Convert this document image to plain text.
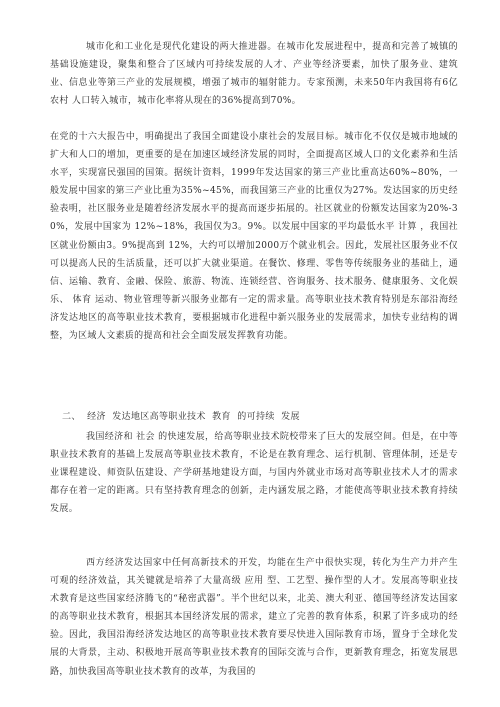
城市化和工业化是现代化建设的两大推进器。在城市化发展进程中，提高和完善了城镇的基础设施建设，聚集和整合了区域内可持续发展的人才、产业等经济要素，加快了服务业、建筑业、信息业等第三产业的发展规模，增强了城市的辐射能力。专家预测，未来50年内我国将有6亿 农村 人口转入城市，城市化率将从现在的36%提高到70%。

在党的十六大报告中，明确提出了我国全面建设小康社会的发展目标。城市化不仅仅是城市地域的扩大和人口的增加，更重要的是在加速区域经济发展的同时，全面提高区域人口的文化素养和生活水平，实现富民强国的国策。据统计资料，1999年发达国家的第三产业比重高达60%~80%，一般发展中国家的第三产业比重为35%~45%，而我国第三产业的比重仅为27%。发达国家的历史经验表明，社区服务业是随着经济发展水平的提高而逐步拓展的。社区就业的份额发达国家为20%-30%，发展中国家为 12%~18%，我国仅为3。9%。以发展中国家的平均最低水平 计算 ，我国社区就业份额由3。9%提高到 12%，大约可以增加2000万个就业机会。因此，发展社区服务业不仅可以提高人民的生活质量，还可以扩大就业渠道。在餐饮、修理、零售等传统服务业的基础上，通信、运输、教育、金融、保险、旅游、物流、连锁经营、咨询服务、技术服务、健康服务、文化娱乐、 体育 运动、物业管理等新兴服务业都有一定的需求量。高等职业技术教育特别是东部沿海经济发达地区的高等职业技术教育，要根据城市化进程中新兴服务业的发展需求，加快专业结构的调整，为区域人文素质的提高和社会全面发展发挥教育功能。

二、  经济  发达地区高等职业技术  教育  的可持续  发展

我国经济和 社会 的快速发展，给高等职业技术院校带来了巨大的发展空间。但是，在中等职业技术教育的基础上发展高等职业技术教育，不论是在教育理念、运行机制、管理体制，还是专业课程建设、师资队伍建设、产学研基地建设方面，与国内外就业市场对高等职业技术人才的需求都存在着一定的距离。只有坚持教育理念的创新，走内涵发展之路，才能使高等职业技术教育持续发展。

西方经济发达国家中任何高新技术的开发，均能在生产中很快实现，转化为生产力并产生可观的经济效益，其关键就是培养了大量高级 应用 型、工艺型、操作型的人才。发展高等职业技术教育是这些国家经济腾飞的“秘密武器”。半个世纪以来，北美、澳大利亚、德国等经济发达国家的高等职业技术教育，根据其本国经济发展的需求，建立了完善的教育体系，积累了许多成功的经验。因此，我国沿海经济发达地区的高等职业技术教育要尽快进入国际教育市场，置身于全球化发展的大背景，主动、积极地开展高等职业技术教育的国际交流与合作，更新教育理念，拓宽发展思路，加快我国高等职业技术教育的改革，为我国的
